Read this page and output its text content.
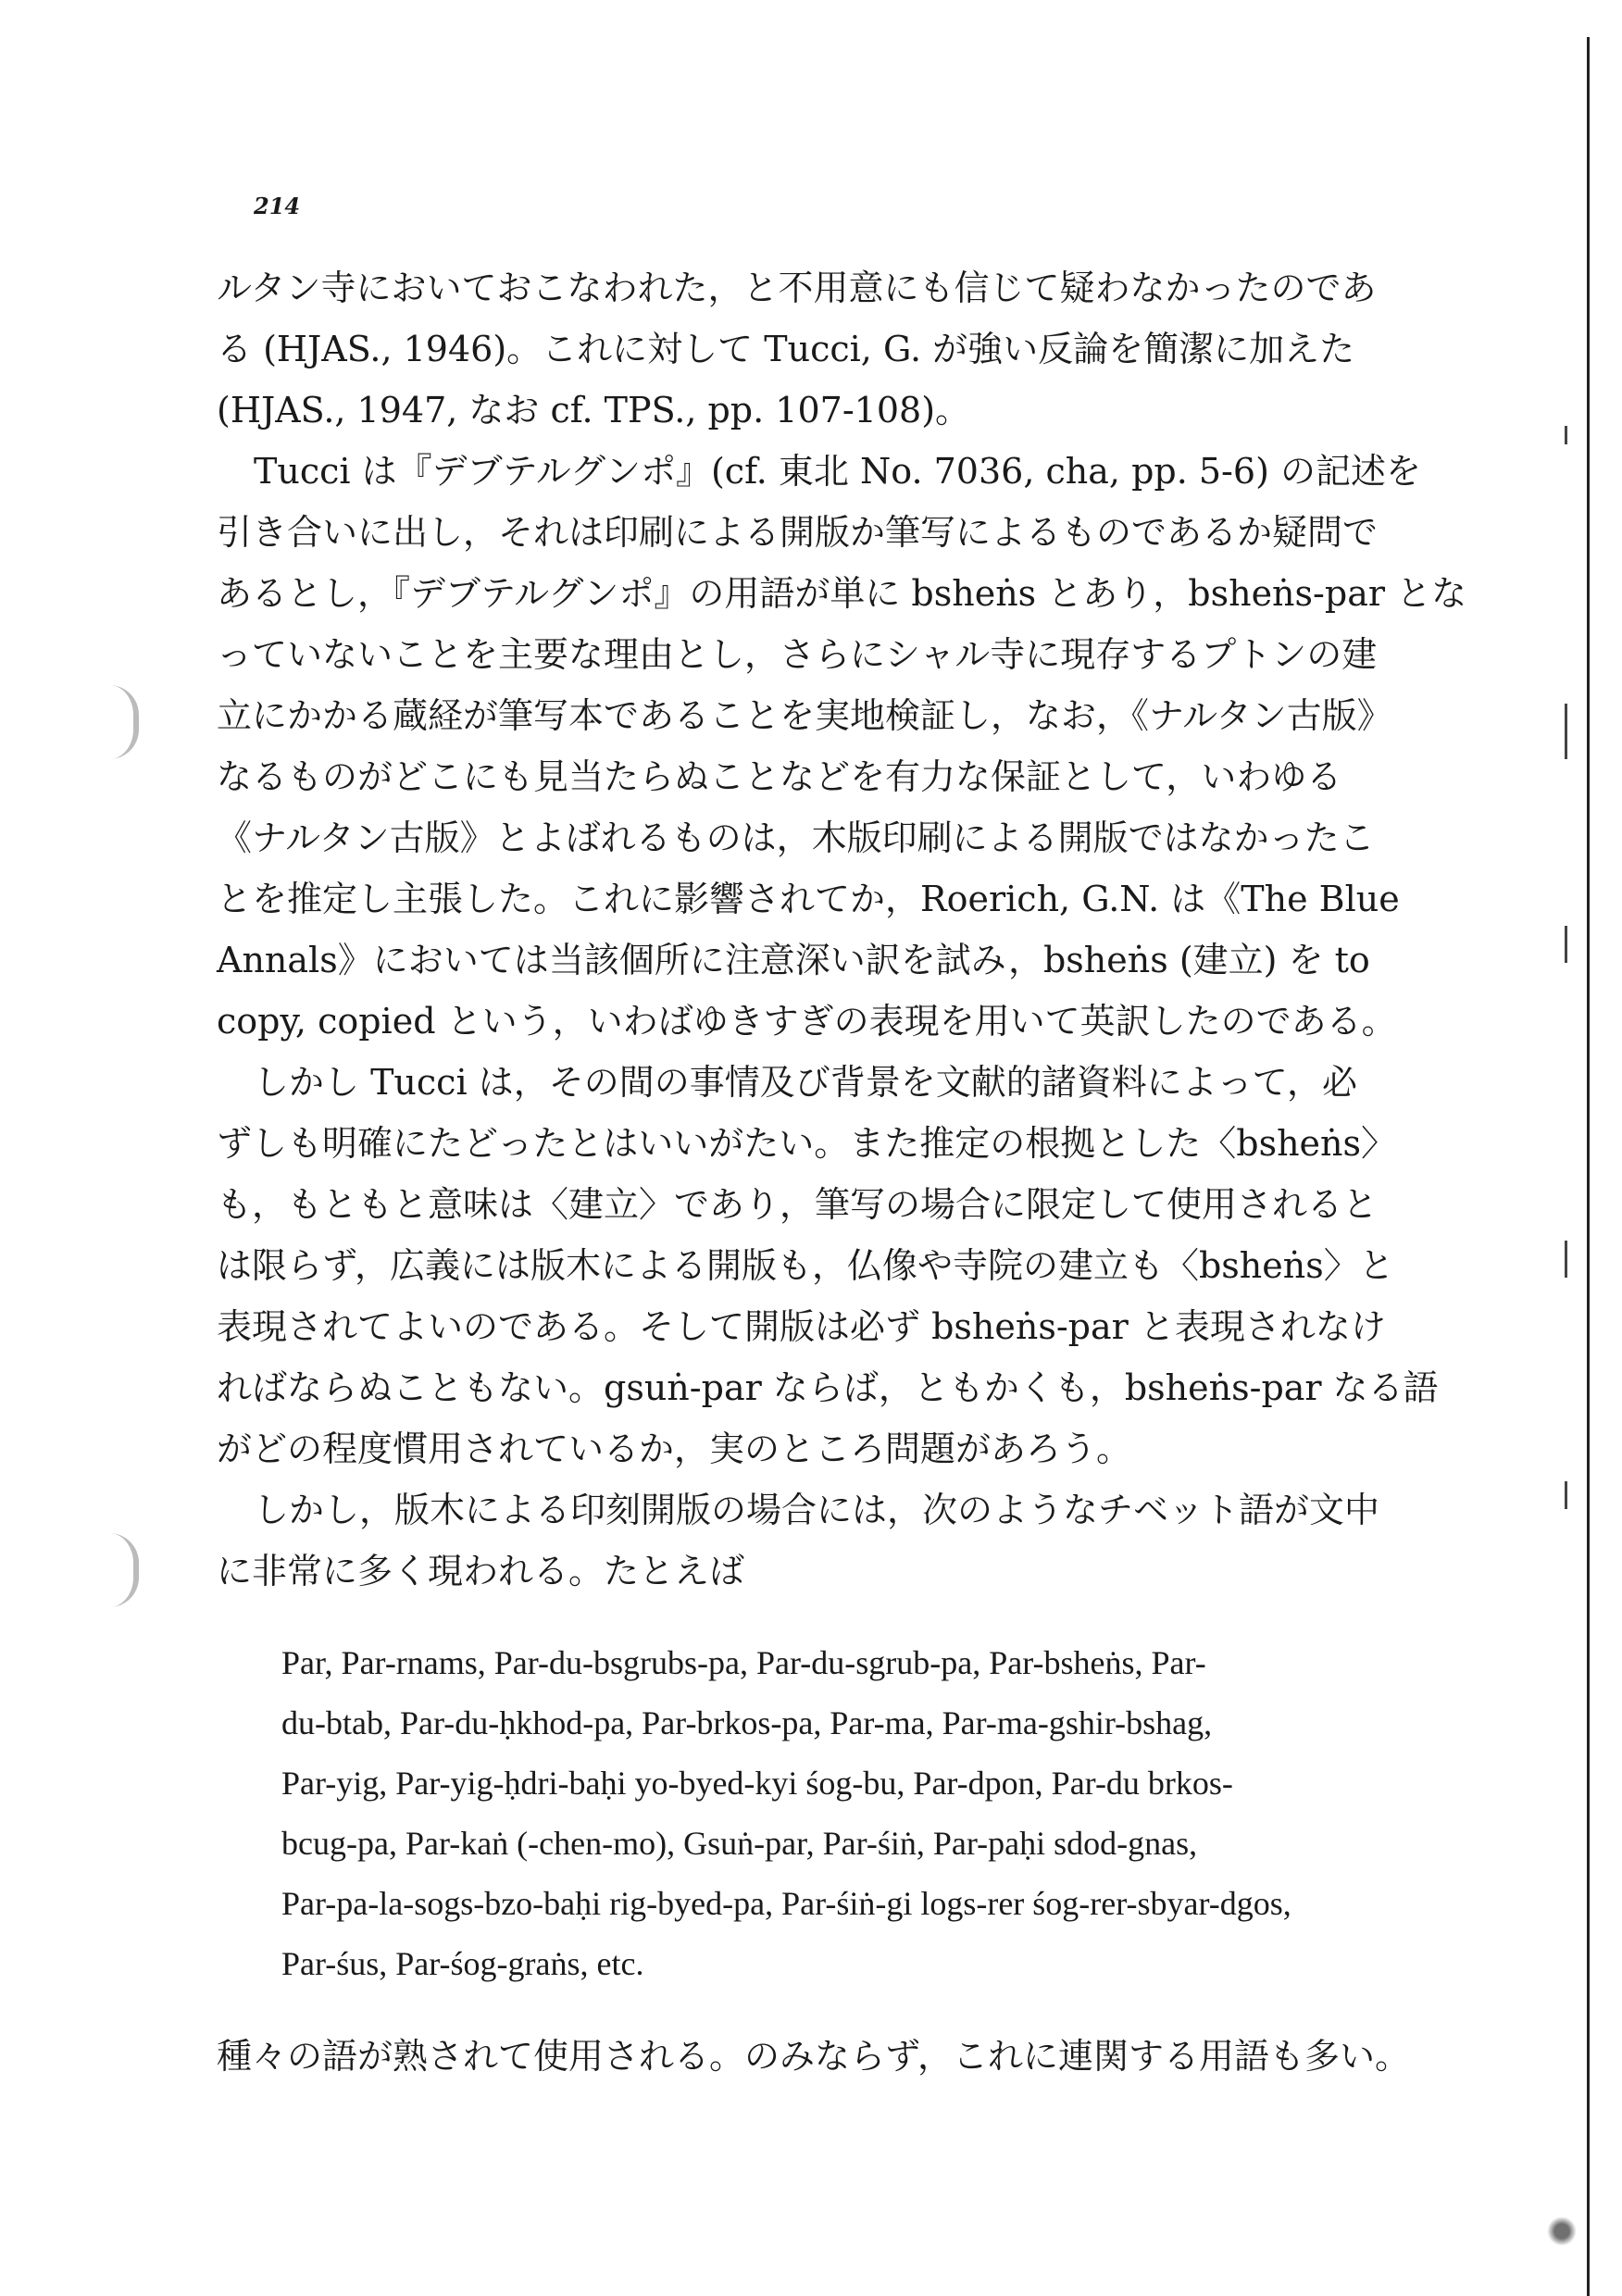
214
ルタン寺においておこなわれた，と不用意にも信じて疑わなかったのであ
る (HJAS., 1946)。これに対して Tucci, G. が強い反論を簡潔に加えた
(HJAS., 1947, なお cf. TPS., pp. 107-108)。
Tucci は『デブテルグンポ』(cf. 東北 No. 7036, cha, pp. 5-6) の記述を
引き合いに出し，それは印刷による開版か筆写によるものであるか疑問で
あるとし，『デブテルグンポ』の用語が単に bsheṅs とあり，bsheṅs-par とな
っていないことを主要な理由とし，さらにシャル寺に現存するプトンの建
立にかかる蔵経が筆写本であることを実地検証し，なお，《ナルタン古版》
なるものがどこにも見当たらぬことなどを有力な保証として，いわゆる
《ナルタン古版》とよばれるものは，木版印刷による開版ではなかったこ
とを推定し主張した。これに影響されてか，Roerich, G.N. は《The Blue
Annals》においては当該個所に注意深い訳を試み，bsheṅs (建立) を to
copy, copied という，いわばゆきすぎの表現を用いて英訳したのである。
しかし Tucci は，その間の事情及び背景を文献的諸資料によって，必
ずしも明確にたどったとはいいがたい。また推定の根拠とした〈bsheṅs〉
も，もともと意味は〈建立〉であり，筆写の場合に限定して使用されると
は限らず，広義には版木による開版も，仏像や寺院の建立も〈bsheṅs〉と
表現されてよいのである。そして開版は必ず bsheṅs-par と表現されなけ
ればならぬこともない。gsuṅ-par ならば，ともかくも，bsheṅs-par なる語
がどの程度慣用されているか，実のところ問題があろう。
しかし，版木による印刻開版の場合には，次のようなチベット語が文中
に非常に多く現われる。たとえば
Par, Par-rnams, Par-du-bsgrubs-pa, Par-du-sgrub-pa, Par-bsheṅs, Par-
du-btab, Par-du-ḥkhod-pa, Par-brkos-pa, Par-ma, Par-ma-gshir-bshag,
Par-yig, Par-yig-ḥdri-baḥi yo-byed-kyi śog-bu, Par-dpon, Par-du brkos-
bcug-pa, Par-kaṅ (-chen-mo), Gsuṅ-par, Par-śiṅ, Par-paḥi sdod-gnas,
Par-pa-la-sogs-bzo-baḥi rig-byed-pa, Par-śiṅ-gi logs-rer śog-rer-sbyar-dgos,
Par-śus, Par-śog-graṅs, etc.
種々の語が熟されて使用される。のみならず，これに連関する用語も多い。
